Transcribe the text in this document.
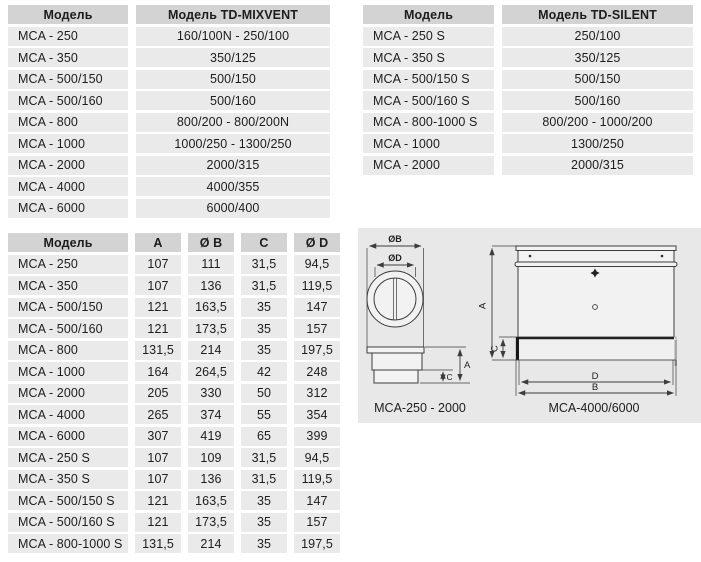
Модель	Модель TD-MIXVENT
MCA - 250	160/100N - 250/100
MCA - 350	350/125
MCA - 500/150	500/150
MCA - 500/160	500/160
MCA - 800	800/200 - 800/200N
MCA - 1000	1000/250 - 1300/250
MCA - 2000	2000/315
MCA - 4000	4000/355
MCA - 6000	6000/400
Модель	Модель TD-SILENT
MCA - 250 S	250/100
MCA - 350 S	350/125
MCA - 500/150 S	500/150
MCA - 500/160 S	500/160
MCA - 800-1000 S	800/200 - 1000/200
MCA - 1000	1300/250
MCA - 2000	2000/315
Модель	A	Ø B	C	Ø D
MCA - 250	107	111	31,5	94,5
MCA - 350	107	136	31,5	119,5
MCA - 500/150	121	163,5	35	147
MCA - 500/160	121	173,5	35	157
MCA - 800	131,5	214	35	197,5
MCA - 1000	164	264,5	42	248
MCA - 2000	205	330	50	312
MCA - 4000	265	374	55	354
MCA - 6000	307	419	65	399
MCA - 250 S	107	109	31,5	94,5
MCA - 350 S	107	136	31,5	119,5
MCA - 500/150 S	121	163,5	35	147
MCA - 500/160 S	121	173,5	35	157
MCA - 800-1000 S	131,5	214	35	197,5
ØB
ØD
A
C
MCA-250 - 2000
A
C
D
B
MCA-4000/6000
